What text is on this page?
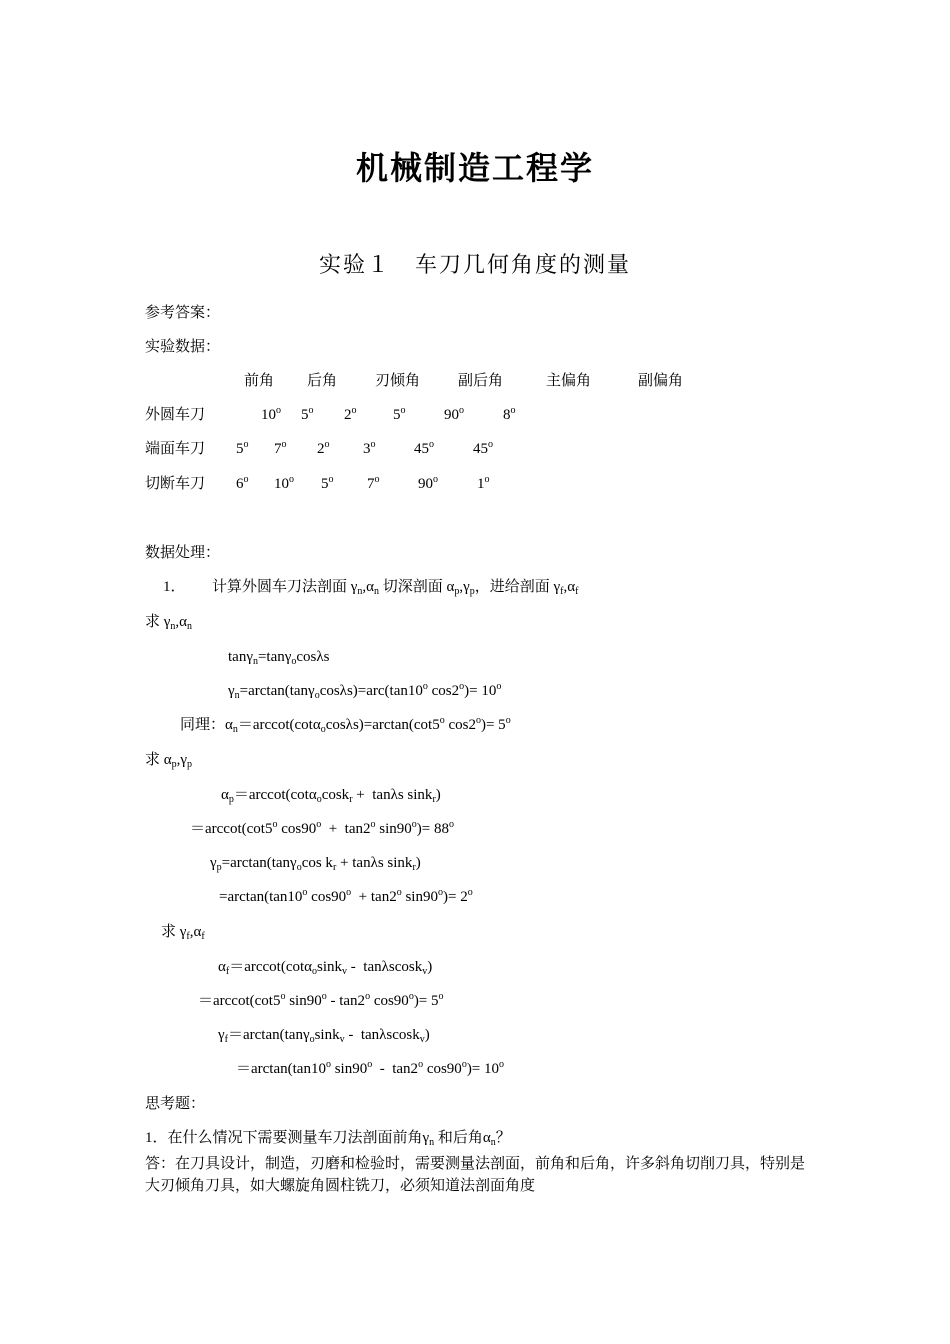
机械制造工程学
实验１　车刀几何角度的测量
参考答案：
实验数据：
前角 后角	刃倾角	副后角	主偏角	副偏角
外圆车刀	10$^o$ 5$^o$ 2$^o$ 5$^o$	90$^o$	8$^o$
端面车刀 5$^o$ 7$^o$ 2$^o$ 3$^o$	45$^o$	45$^o$
切断车刀 6$^o$ 10$^o$ 5$^o$ 7$^o$	90$^o$	1$^o$
数据处理：
1． 计算外圆车刀法剖面 $\gamma_n,\alpha_n$ 切深剖面 $\alpha_p,\gamma_p$，进给剖面 $\gamma_f,\alpha_f$
求 $\gamma_n,\alpha_n$
tanγ$_n$=tanγ$_o$cosλs
$\gamma_n=\arctan(\tan\gamma_o\cos\lambda s)=arc(\tan 10^o$ $\cos 2^o)= 10^o$
同理：$\alpha_n=arccot(\cot\alpha_o\cos\lambda s)=\arctan(\cot 5^o$ $\cos 2^o)= 5^o$
求 $\alpha_p,\gamma_p$
$\alpha_p=arccot(\cot\alpha_o\cos k_r + \tan\lambda s$ sink$_r$)
$=arccot(\cot 5^o$ cos90$^o$  +  tan2$^o$ $\sin 90^o)= 88^o$
$\gamma_p=\arctan(\tan\gamma_o\cos$ $k_r + \tan\lambda s$ sink$_r$)
$=\arctan(\tan 10^o$ $\cos 90^o + \tan 2^o$ $\sin 90^o)= 2^o$
求 $\gamma_f,\alpha_f$
$\alpha_f=arccot(\cot\alpha_o\sin k_v - \tan\lambda scosk_v)$
$=arccot(\cot 5^o$ sin90$^o$ - tan2$^o$ $\cos 90^o)= 5^o$
$\gamma_f=\arctan(\tan\gamma_o\sin k_v - \tan\lambda scosk_v)$
$=\arctan(\tan 10^o$ sin90$^o$  -  tan2$^o$ $\cos 90^o)= 10^o$
思考题：
1．在什么情况下需要测量车刀法剖面前角$\gamma_n$ 和后角$\alpha_n$？
答：在刀具设计，制造，刃磨和检验时，需要测量法剖面，前角和后角，许多斜角切削刀具，特别是大刃倾角刀具，如大螺旋角圆柱铣刀，必须知道法剖面角度
